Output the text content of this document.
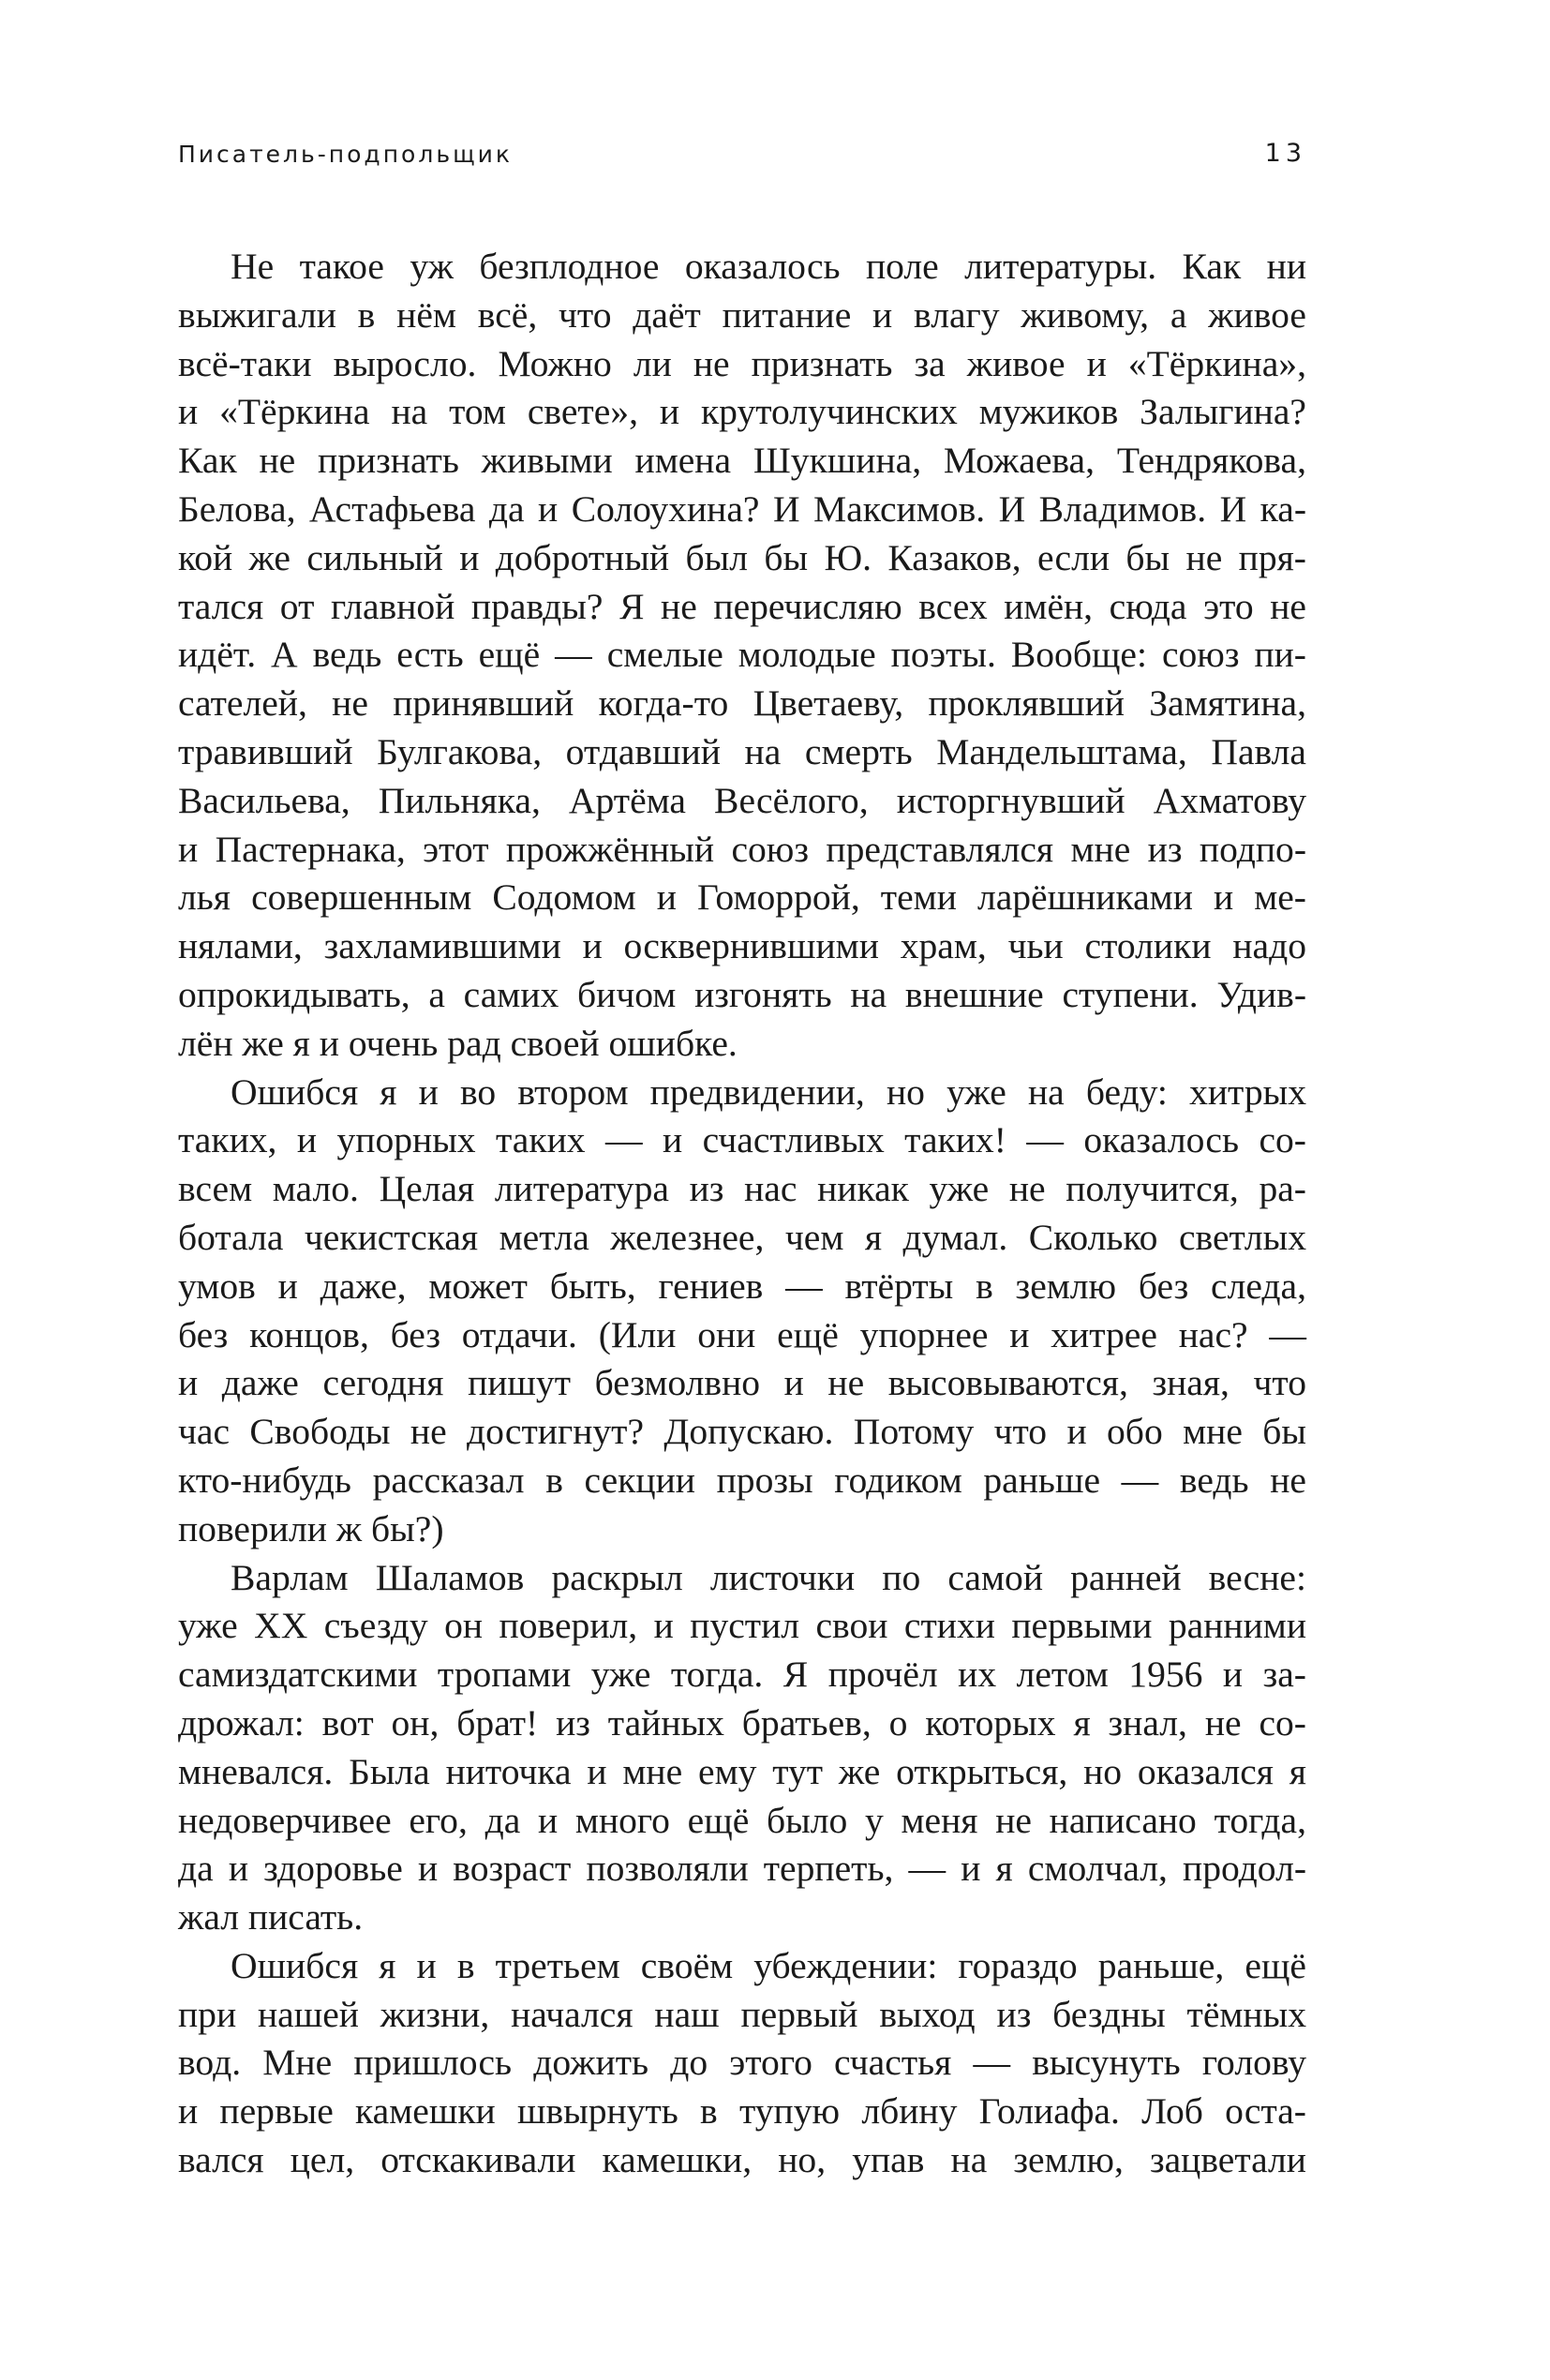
Писатель-подпольщик	13
Не такое уж безплодное оказалось поле литературы. Как ни
выжигали в нём всё, что даёт питание и влагу живому, а живое
всё-таки выросло. Можно ли не признать за живое и «Тёркина»,
и «Тёркина на том свете», и крутолучинских мужиков Залыгина?
Как не признать живыми имена Шукшина, Можаева, Тендрякова,
Белова, Астафьева да и Солоухина? И Максимов. И Владимов. И ка-
кой же сильный и добротный был бы Ю. Казаков, если бы не пря-
тался от главной правды? Я не перечисляю всех имён, сюда это не
идёт. А ведь есть ещё — смелые молодые поэты. Вообще: союз пи-
сателей, не принявший когда-то Цветаеву, проклявший Замятина,
травивший Булгакова, отдавший на смерть Мандельштама, Павла
Васильева, Пильняка, Артёма Весёлого, исторгнувший Ахматову
и Пастернака, этот прожжённый союз представлялся мне из подпо-
лья совершенным Содомом и Гоморрой, теми ларёшниками и ме-
нялами, захламившими и осквернившими храм, чьи столики надо
опрокидывать, а самих бичом изгонять на внешние ступени. Удив-
лён же я и очень рад своей ошибке.
Ошибся я и во втором предвидении, но уже на беду: хитрых
таких, и упорных таких — и счастливых таких! — оказалось со-
всем мало. Целая литература из нас никак уже не получится, ра-
ботала чекистская метла железнее, чем я думал. Сколько светлых
умов и даже, может быть, гениев — втёрты в землю без следа,
без концов, без отдачи. (Или они ещё упорнее и хитрее нас? —
и даже сегодня пишут безмолвно и не высовываются, зная, что
час Свободы не достигнут? Допускаю. Потому что и обо мне бы
кто-нибудь рассказал в секции прозы годиком раньше — ведь не
поверили ж бы?)
Варлам Шаламов раскрыл листочки по самой ранней весне:
уже XX съезду он поверил, и пустил свои стихи первыми ранними
самиздатскими тропами уже тогда. Я прочёл их летом 1956 и за-
дрожал: вот он, брат! из тайных братьев, о которых я знал, не со-
мневался. Была ниточка и мне ему тут же открыться, но оказался я
недоверчивее его, да и много ещё было у меня не написано тогда,
да и здоровье и возраст позволяли терпеть, — и я смолчал, продол-
жал писать.
Ошибся я и в третьем своём убеждении: гораздо раньше, ещё
при нашей жизни, начался наш первый выход из бездны тёмных
вод. Мне пришлось дожить до этого счастья — высунуть голову
и первые камешки швырнуть в тупую лбину Голиафа. Лоб оста-
вался цел, отскакивали камешки, но, упав на землю, зацветали
